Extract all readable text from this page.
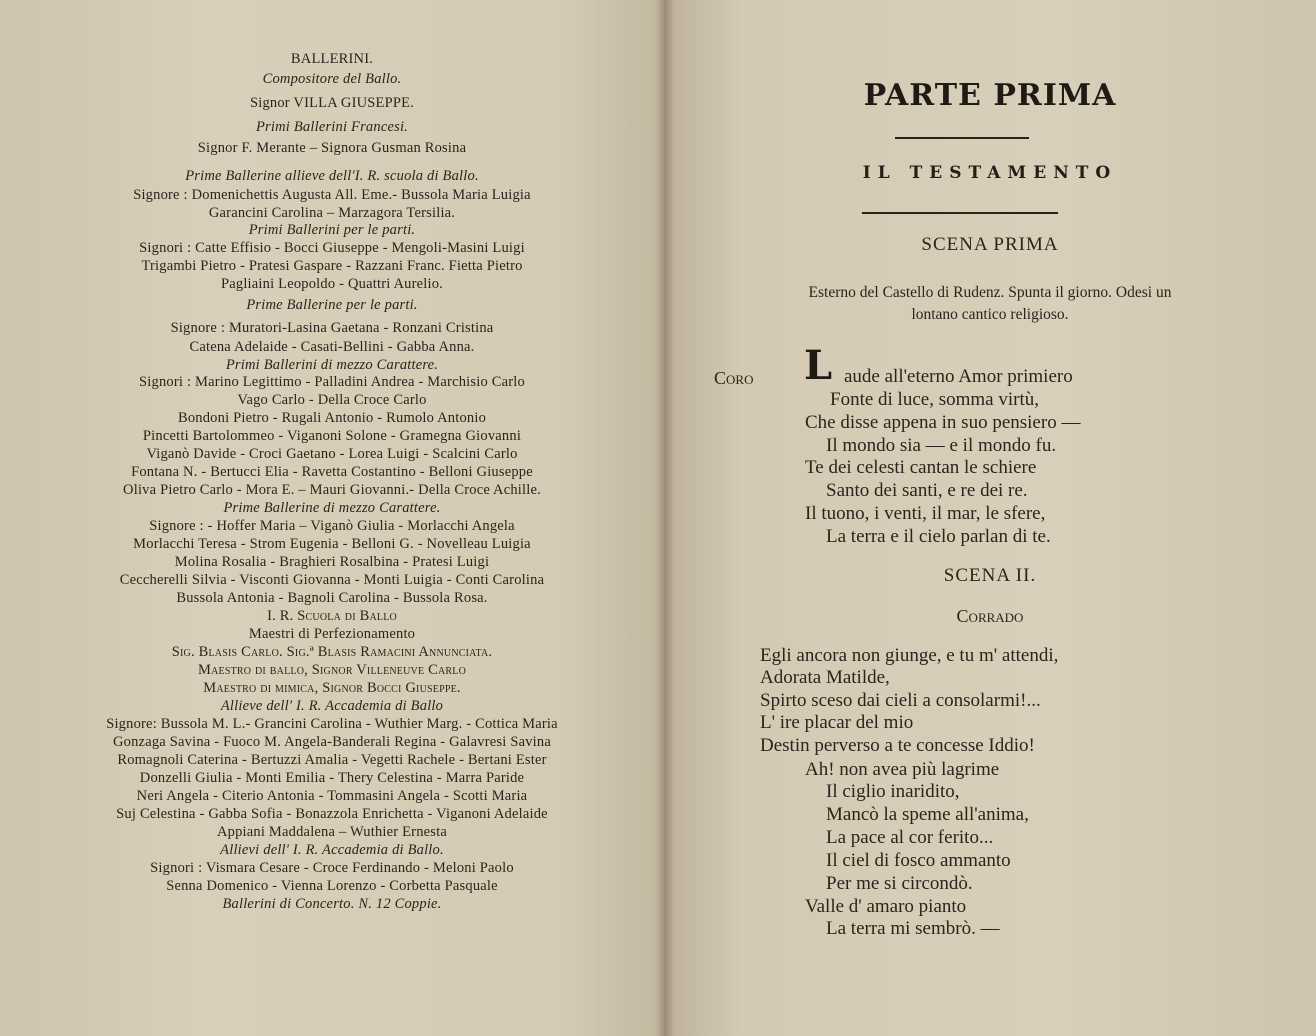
BALLERINI.
Compositore del Ballo.
Signor VILLA GIUSEPPE.
Primi Ballerini Francesi.
Signor F. Merante – Signora Gusman Rosina
Prime Ballerine allieve dell'I. R. scuola di Ballo.
Signore : Domenichettis Augusta All. Eme.- Bussola Maria Luigia
Garancini Carolina – Marzagora Tersilia.
Primi Ballerini per le parti.
Signori : Catte Effisio - Bocci Giuseppe - Mengoli-Masini Luigi
Trigambi Pietro - Pratesi Gaspare - Razzani Franc. Fietta Pietro
Pagliaini Leopoldo - Quattri Aurelio.
Prime Ballerine per le parti.
Signore : Muratori-Lasina Gaetana - Ronzani Cristina
Catena Adelaide - Casati-Bellini - Gabba Anna.
Primi Ballerini di mezzo Carattere.
Signori : Marino Legittimo - Palladini Andrea - Marchisio Carlo
Vago Carlo - Della Croce Carlo
Bondoni Pietro - Rugali Antonio - Rumolo Antonio
Pincetti Bartolommeo - Viganoni Solone - Gramegna Giovanni
Viganò Davide - Croci Gaetano - Lorea Luigi - Scalcini Carlo
Fontana N. - Bertucci Elia - Ravetta Costantino - Belloni Giuseppe
Oliva Pietro Carlo - Mora E. – Mauri Giovanni.- Della Croce Achille.
Prime Ballerine di mezzo Carattere.
Signore : - Hoffer Maria – Viganò Giulia - Morlacchi Angela
Morlacchi Teresa - Strom Eugenia - Belloni G. - Novelleau Luigia
Molina Rosalia - Braghieri Rosalbina - Pratesi Luigi
Ceccherelli Silvia - Visconti Giovanna - Monti Luigia - Conti Carolina
Bussola Antonia - Bagnoli Carolina - Bussola Rosa.
I. R. Scuola di Ballo
Maestri di Perfezionamento
Sig. Blasis Carlo. Sig.ª Blasis Ramacini Annunciata.
Maestro di ballo, Signor Villeneuve Carlo
Maestro di mimica, Signor Bocci Giuseppe.
Allieve dell' I. R. Accademia di Ballo
Signore: Bussola M. L.- Grancini Carolina - Wuthier Marg. - Cottica Maria
Gonzaga Savina - Fuoco M. Angela-Banderali Regina - Galavresi Savina
Romagnoli Caterina - Bertuzzi Amalia - Vegetti Rachele - Bertani Ester
Donzelli Giulia - Monti Emilia - Thery Celestina - Marra Paride
Neri Angela - Citerio Antonia - Tommasini Angela - Scotti Maria
Suj Celestina - Gabba Sofia - Bonazzola Enrichetta - Viganoni Adelaide
Appiani Maddalena – Wuthier Ernesta
Allievi dell' I. R. Accademia di Ballo.
Signori : Vismara Cesare - Croce Ferdinando - Meloni Paolo
Senna Domenico - Vienna Lorenzo - Corbetta Pasquale
Ballerini di Concerto. N. 12 Coppie.
PARTE PRIMA
IL TESTAMENTO
SCENA PRIMA
Esterno del Castello di Rudenz. Spunta il giorno. Odesi un
lontano cantico religioso.
Coro L
SCENA II.
Corrado
aude all'eterno Amor primiero
Fonte di luce, somma virtù,
Che disse appena in suo pensiero —
Il mondo sia — e il mondo fu.
Te dei celesti cantan le schiere
Santo dei santi, e re dei re.
Il tuono, i venti, il mar, le sfere,
La terra e il cielo parlan di te.
Egli ancora non giunge, e tu m' attendi,
Adorata Matilde,
Spirto sceso dai cieli a consolarmi!...
L' ire placar del mio
Destin perverso a te concesse Iddio!
Ah! non avea più lagrime
Il ciglio inaridito,
Mancò la speme all'anima,
La pace al cor ferito...
Il ciel di fosco ammanto
Per me si circondò.
Valle d' amaro pianto
La terra mi sembrò. —
